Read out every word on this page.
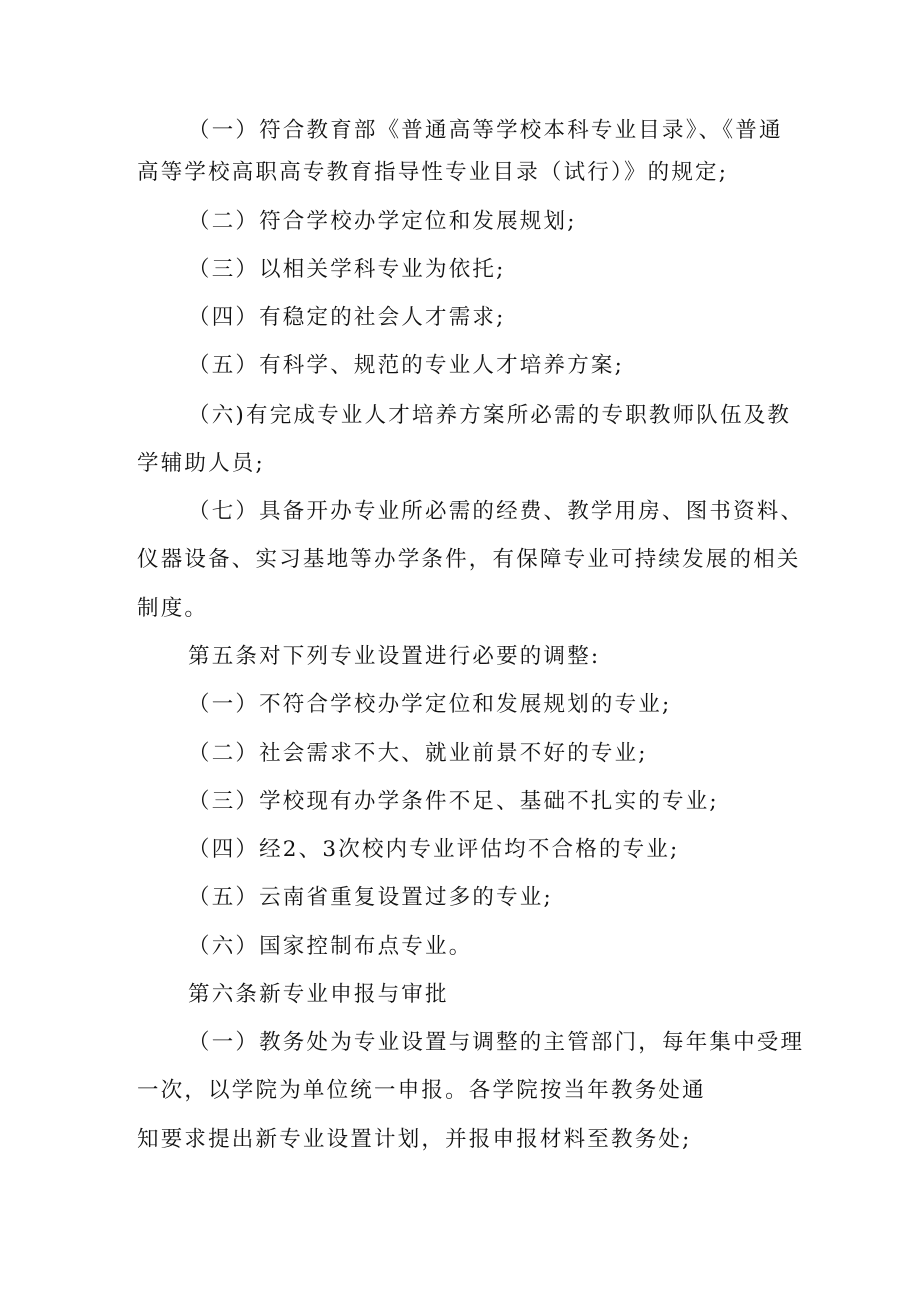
（一）符合教育部《普通高等学校本科专业目录》、《普通
高等学校高职高专教育指导性专业目录（试行）》的规定;
（二）符合学校办学定位和发展规划;
（三）以相关学科专业为依托;
（四）有稳定的社会人才需求;
（五）有科学、规范的专业人才培养方案;
（六)有完成专业人才培养方案所必需的专职教师队伍及教
学辅助人员;
（七）具备开办专业所必需的经费、教学用房、图书资料、
仪器设备、实习基地等办学条件，有保障专业可持续发展的相关
制度。
第五条对下列专业设置进行必要的调整:
（一）不符合学校办学定位和发展规划的专业;
（二）社会需求不大、就业前景不好的专业;
（三）学校现有办学条件不足、基础不扎实的专业;
（四）经2、3次校内专业评估均不合格的专业;
（五）云南省重复设置过多的专业;
（六）国家控制布点专业。
第六条新专业申报与审批
（一）教务处为专业设置与调整的主管部门，每年集中受理
一次，以学院为单位统一申报。各学院按当年教务处通
知要求提出新专业设置计划，并报申报材料至教务处;
